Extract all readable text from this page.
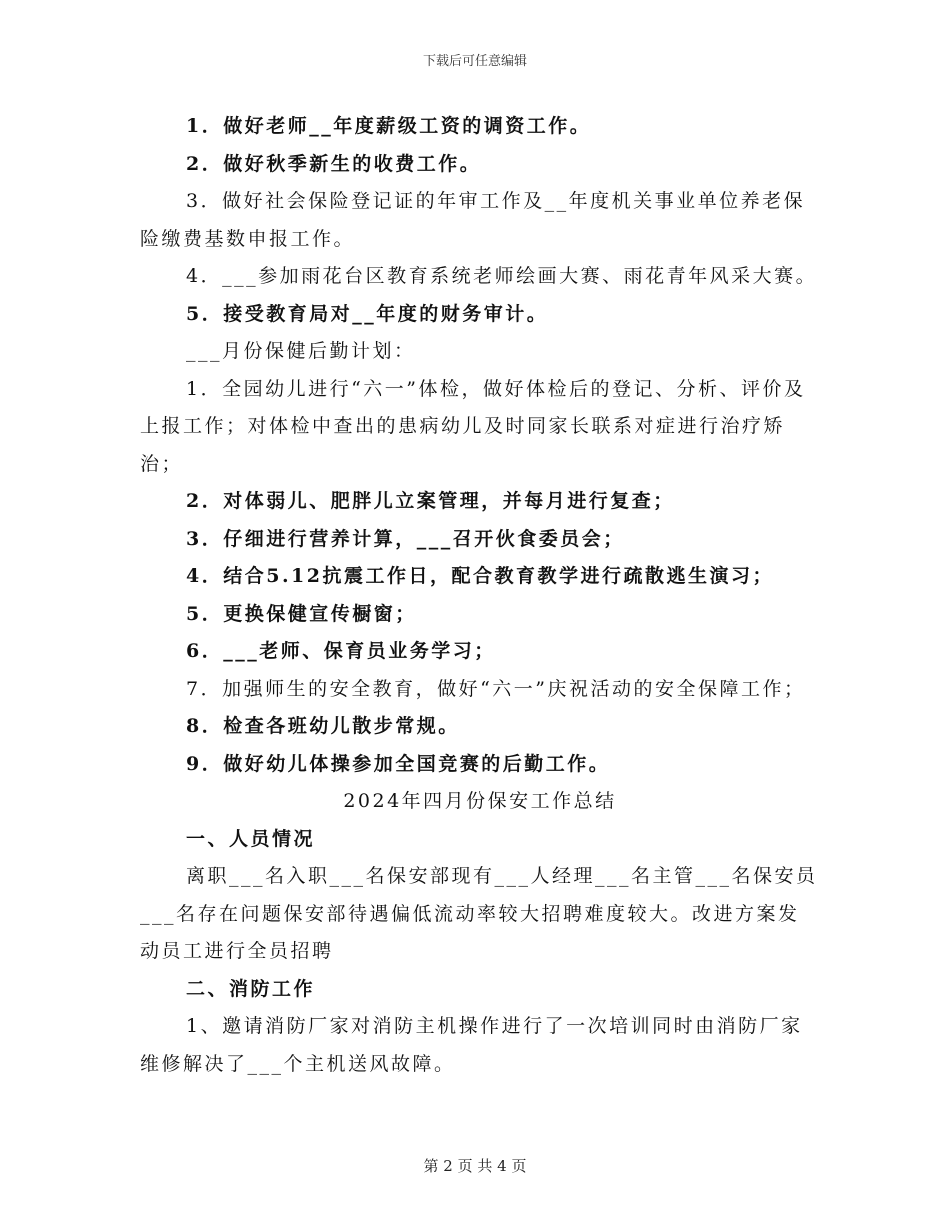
下载后可任意编辑

1．做好老师__年度薪级工资的调资工作。

2．做好秋季新生的收费工作。

3．做好社会保险登记证的年审工作及__年度机关事业单位养老保险缴费基数申报工作。

4．___参加雨花台区教育系统老师绘画大赛、雨花青年风采大赛。

5．接受教育局对__年度的财务审计。

___月份保健后勤计划：

1．全园幼儿进行“六一”体检，做好体检后的登记、分析、评价及上报工作；对体检中查出的患病幼儿及时同家长联系对症进行治疗矫治；

2．对体弱儿、肥胖儿立案管理，并每月进行复查；

3．仔细进行营养计算，___召开伙食委员会；

4．结合5.12抗震工作日，配合教育教学进行疏散逃生演习；

5．更换保健宣传橱窗；

6．___老师、保育员业务学习；

7．加强师生的安全教育，做好“六一”庆祝活动的安全保障工作；

8．检查各班幼儿散步常规。

9．做好幼儿体操参加全国竞赛的后勤工作。

2024年四月份保安工作总结

一、人员情况

离职___名入职___名保安部现有___人经理___名主管___名保安员___名存在问题保安部待遇偏低流动率较大招聘难度较大。改进方案发动员工进行全员招聘

二、消防工作

1、邀请消防厂家对消防主机操作进行了一次培训同时由消防厂家维修解决了___个主机送风故障。

第 2 页 共 4 页
